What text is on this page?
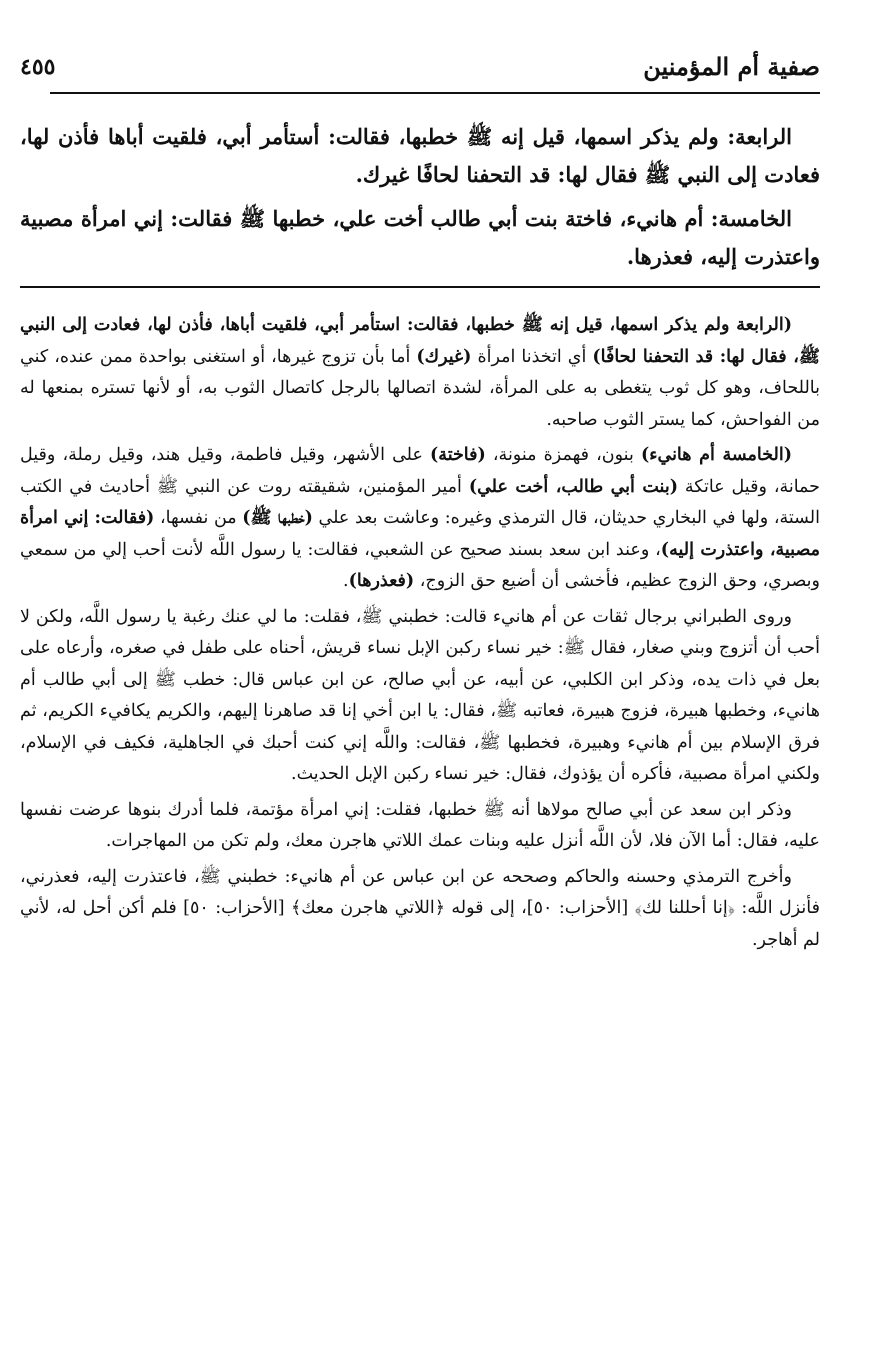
صفية أم المؤمنين
٤٥٥

الرابعة: ولم يذكر اسمها، قيل إنه ﷺ خطبها، فقالت: أستأمر أبي، فلقيت أباها فأذن لها، فعادت إلى النبي ﷺ فقال لها: قد التحفنا لحافًا غيرك.

الخامسة: أم هانيء، فاختة بنت أبي طالب أخت علي، خطبها ﷺ فقالت: إني امرأة مصبية واعتذرت إليه، فعذرها.

(الرابعة ولم يذكر اسمها، قيل إنه ﷺ خطبها، فقالت: استأمر أبي، فلقيت أباها، فأذن لها، فعادت إلى النبي ﷺ، فقال لها: قد التحفنا لحافًا) أي اتخذنا امرأة (غيرك) أما بأن تزوج غيرها، أو استغنى بواحدة ممن عنده، كني باللحاف، وهو كل ثوب يتغطى به على المرأة، لشدة اتصالها بالرجل كاتصال الثوب به، أو لأنها تستره بمنعها له من الفواحش، كما يستر الثوب صاحبه.

(الخامسة أم هانيء) بنون، فهمزة منونة، (فاختة) على الأشهر، وقيل فاطمة، وقيل هند، وقيل رملة، وقيل حمانة، وقيل عاتكة (بنت أبي طالب، أخت علي) أمير المؤمنين، شقيقته روت عن النبي ﷺ أحاديث في الكتب الستة، ولها في البخاري حديثان، قال الترمذي وغيره: وعاشت بعد علي (خطبها ﷺ) من نفسها، (فقالت: إني امرأة مصبية، واعتذرت إليه)، وعند ابن سعد بسند صحيح عن الشعبي، فقالت: يا رسول اللَّه لأنت أحب إلي من سمعي وبصري، وحق الزوج عظيم، فأخشى أن أضيع حق الزوج، (فعذرها).

وروى الطبراني برجال ثقات عن أم هانيء قالت: خطبني ﷺ، فقلت: ما لي عنك رغبة يا رسول اللَّه، ولكن لا أحب أن أتزوج وبني صغار، فقال ﷺ: خير نساء ركبن الإبل نساء قريش، أحناه على طفل في صغره، وأرعاه على بعل في ذات يده، وذكر ابن الكلبي، عن أبيه، عن أبي صالح، عن ابن عباس قال: خطب ﷺ إلى أبي طالب أم هانيء، وخطبها هبيرة، فزوج هبيرة، فعاتبه ﷺ، فقال: يا ابن أخي إنا قد صاهرنا إليهم، والكريم يكافيء الكريم، ثم فرق الإسلام بين أم هانيء وهبيرة، فخطبها ﷺ، فقالت: واللَّه إني كنت أحبك في الجاهلية، فكيف في الإسلام، ولكني امرأة مصبية، فأكره أن يؤذوك، فقال: خير نساء ركبن الإبل الحديث.

وذكر ابن سعد عن أبي صالح مولاها أنه ﷺ خطبها، فقلت: إني امرأة مؤتمة، فلما أدرك بنوها عرضت نفسها عليه، فقال: أما الآن فلا، لأن اللَّه أنزل عليه وبنات عمك اللاتي هاجرن معك، ولم تكن من المهاجرات.

وأخرج الترمذي وحسنه والحاكم وصححه عن ابن عباس عن أم هانيء: خطبني ﷺ، فاعتذرت إليه، فعذرني، فأنزل اللَّه: ﴿إنا أحللنا لك﴾ [الأحزاب: ٥٠]، إلى قوله ﴿اللاتي هاجرن معك﴾ [الأحزاب: ٥٠] فلم أكن أحل له، لأني لم أهاجر.
